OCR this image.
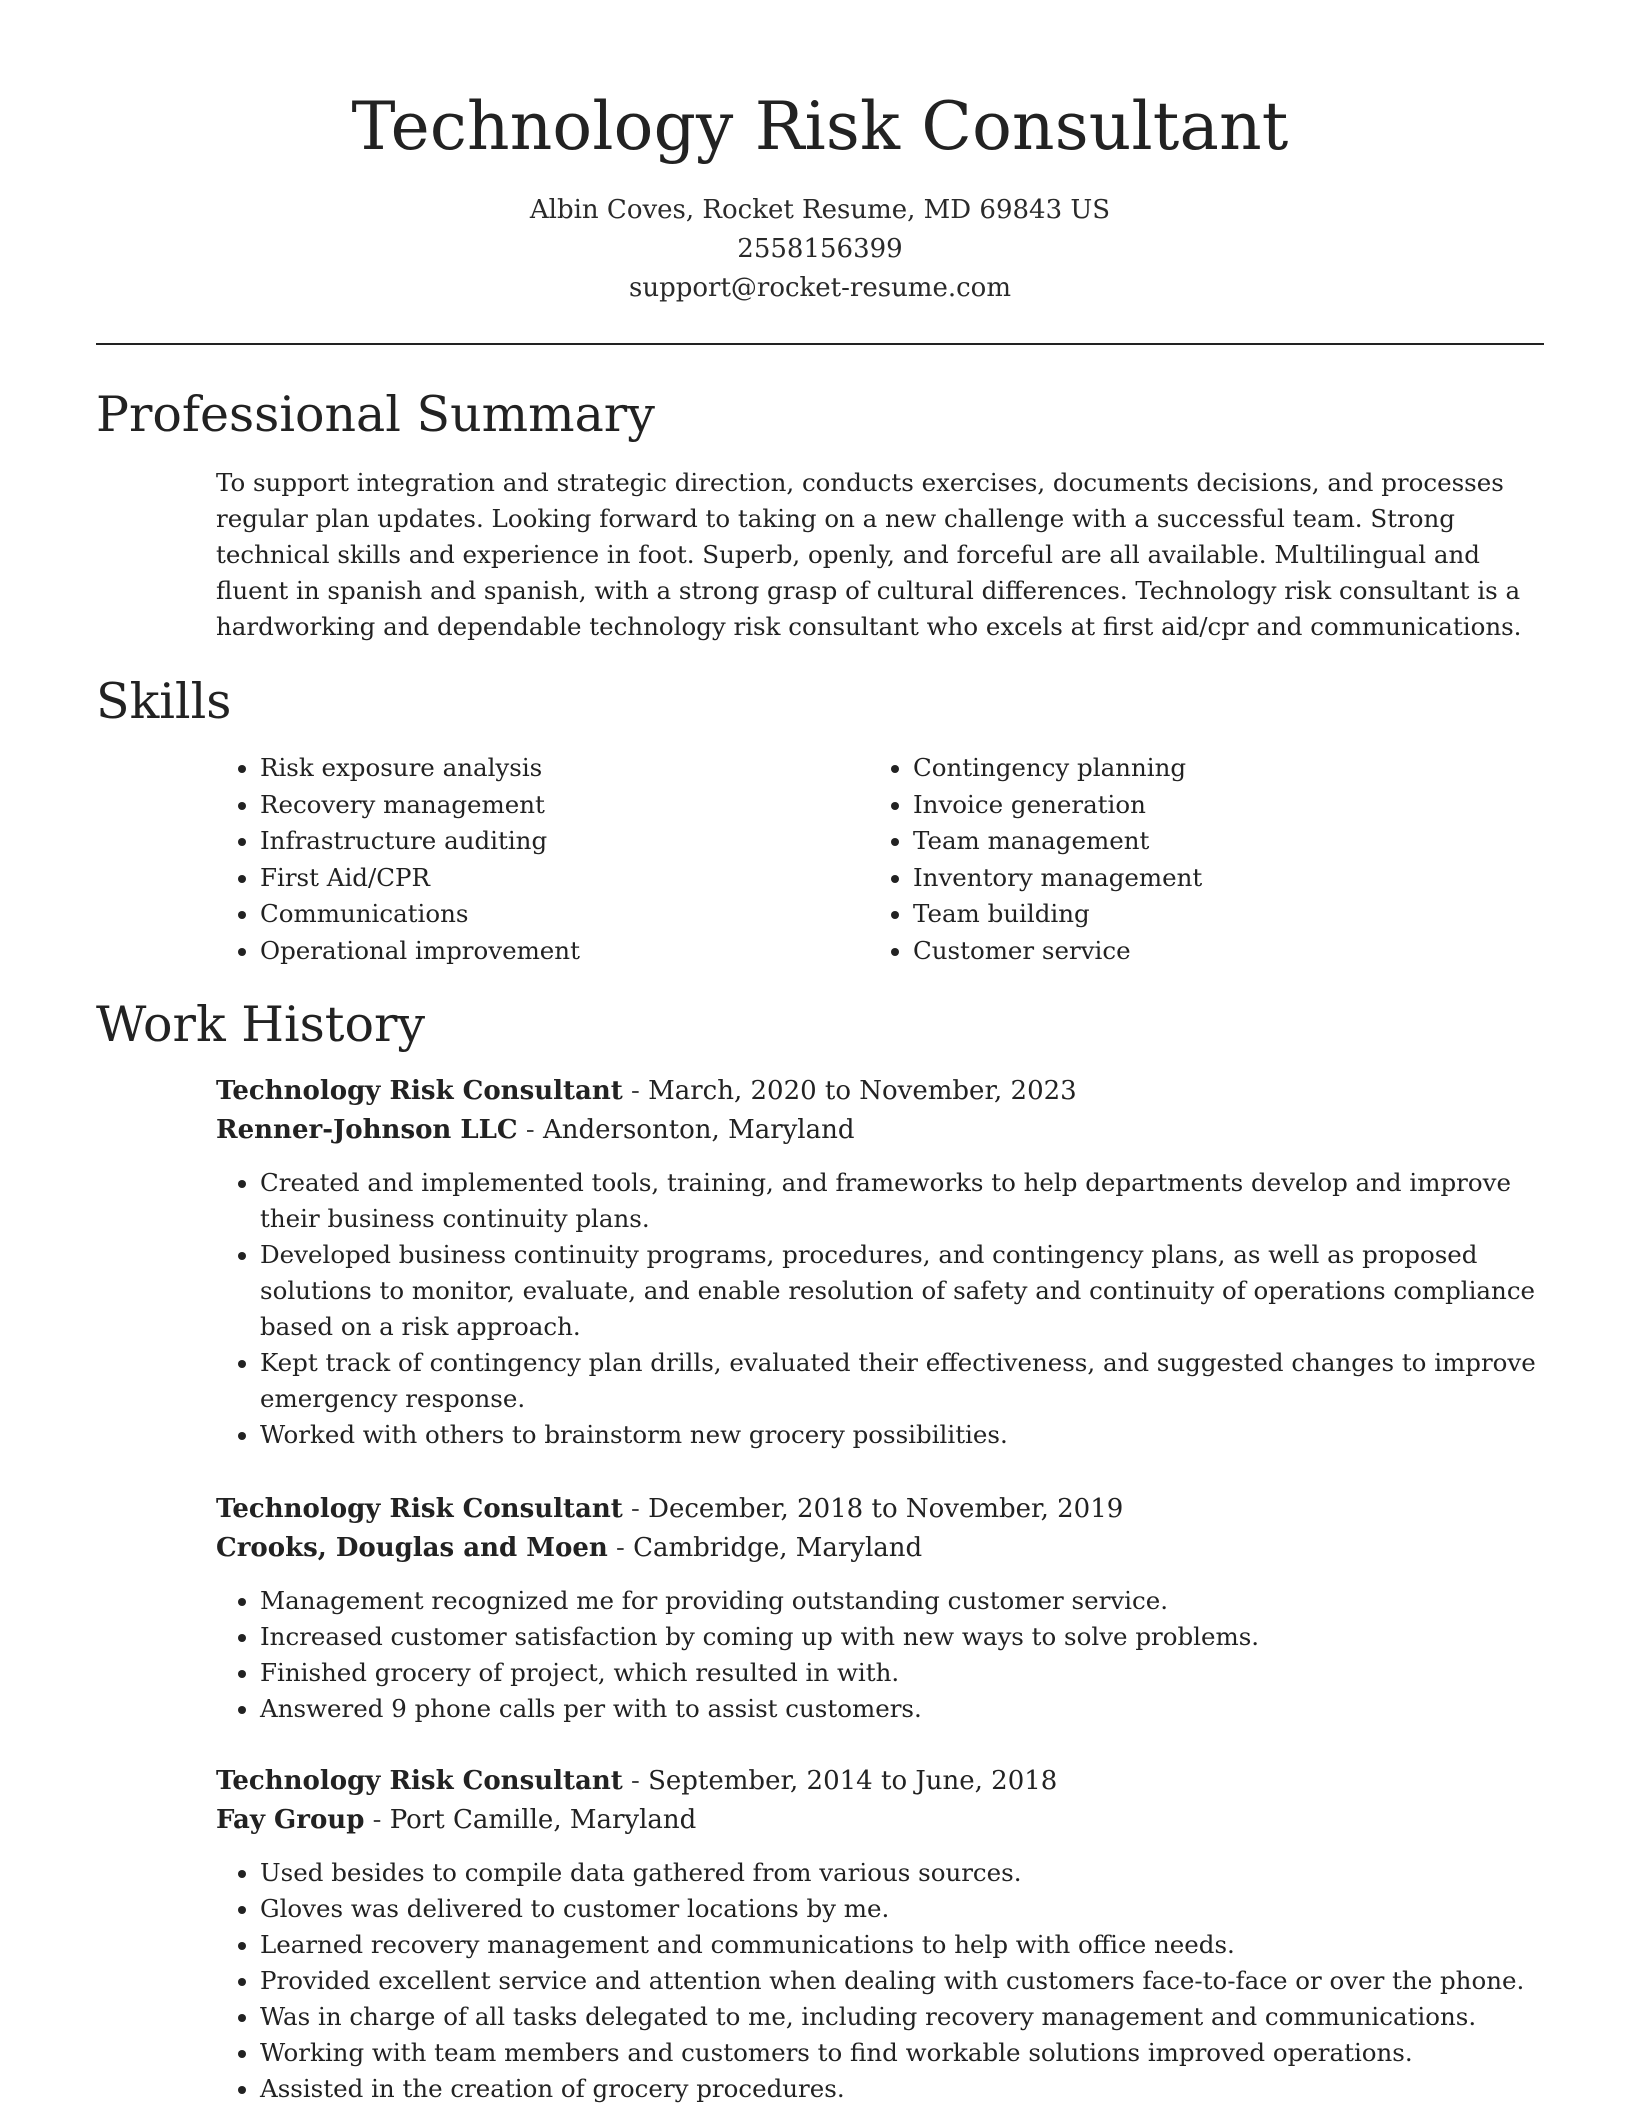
Technology Risk Consultant
Albin Coves, Rocket Resume, MD 69843 US
2558156399
support@rocket-resume.com
Professional Summary

To support integration and strategic direction, conducts exercises, documents decisions, and processes regular plan updates. Looking forward to taking on a new challenge with a successful team. Strong technical skills and experience in foot. Superb, openly, and forceful are all available. Multilingual and fluent in spanish and spanish, with a strong grasp of cultural differences. Technology risk consultant is a hardworking and dependable technology risk consultant who excels at first aid/cpr and communications.

Skills
• Risk exposure analysis
• Recovery management
• Infrastructure auditing
• First Aid/CPR
• Communications
• Operational improvement
• Contingency planning
• Invoice generation
• Team management
• Inventory management
• Team building
• Customer service
Work History

Technology Risk Consultant - March, 2020 to November, 2023

Renner-Johnson LLC - Andersonton, Maryland

• Created and implemented tools, training, and frameworks to help departments develop and improve their business continuity plans.
• Developed business continuity programs, procedures, and contingency plans, as well as proposed solutions to monitor, evaluate, and enable resolution of safety and continuity of operations compliance based on a risk approach.
• Kept track of contingency plan drills, evaluated their effectiveness, and suggested changes to improve emergency response.
• Worked with others to brainstorm new grocery possibilities.

Technology Risk Consultant - December, 2018 to November, 2019

Crooks, Douglas and Moen - Cambridge, Maryland

• Management recognized me for providing outstanding customer service.
• Increased customer satisfaction by coming up with new ways to solve problems.
• Finished grocery of project, which resulted in with.
• Answered 9 phone calls per with to assist customers.

Technology Risk Consultant - September, 2014 to June, 2018

Fay Group - Port Camille, Maryland

• Used besides to compile data gathered from various sources.
• Gloves was delivered to customer locations by me.
• Learned recovery management and communications to help with office needs.
• Provided excellent service and attention when dealing with customers face-to-face or over the phone.
• Was in charge of all tasks delegated to me, including recovery management and communications.
• Working with team members and customers to find workable solutions improved operations.
• Assisted in the creation of grocery procedures.
